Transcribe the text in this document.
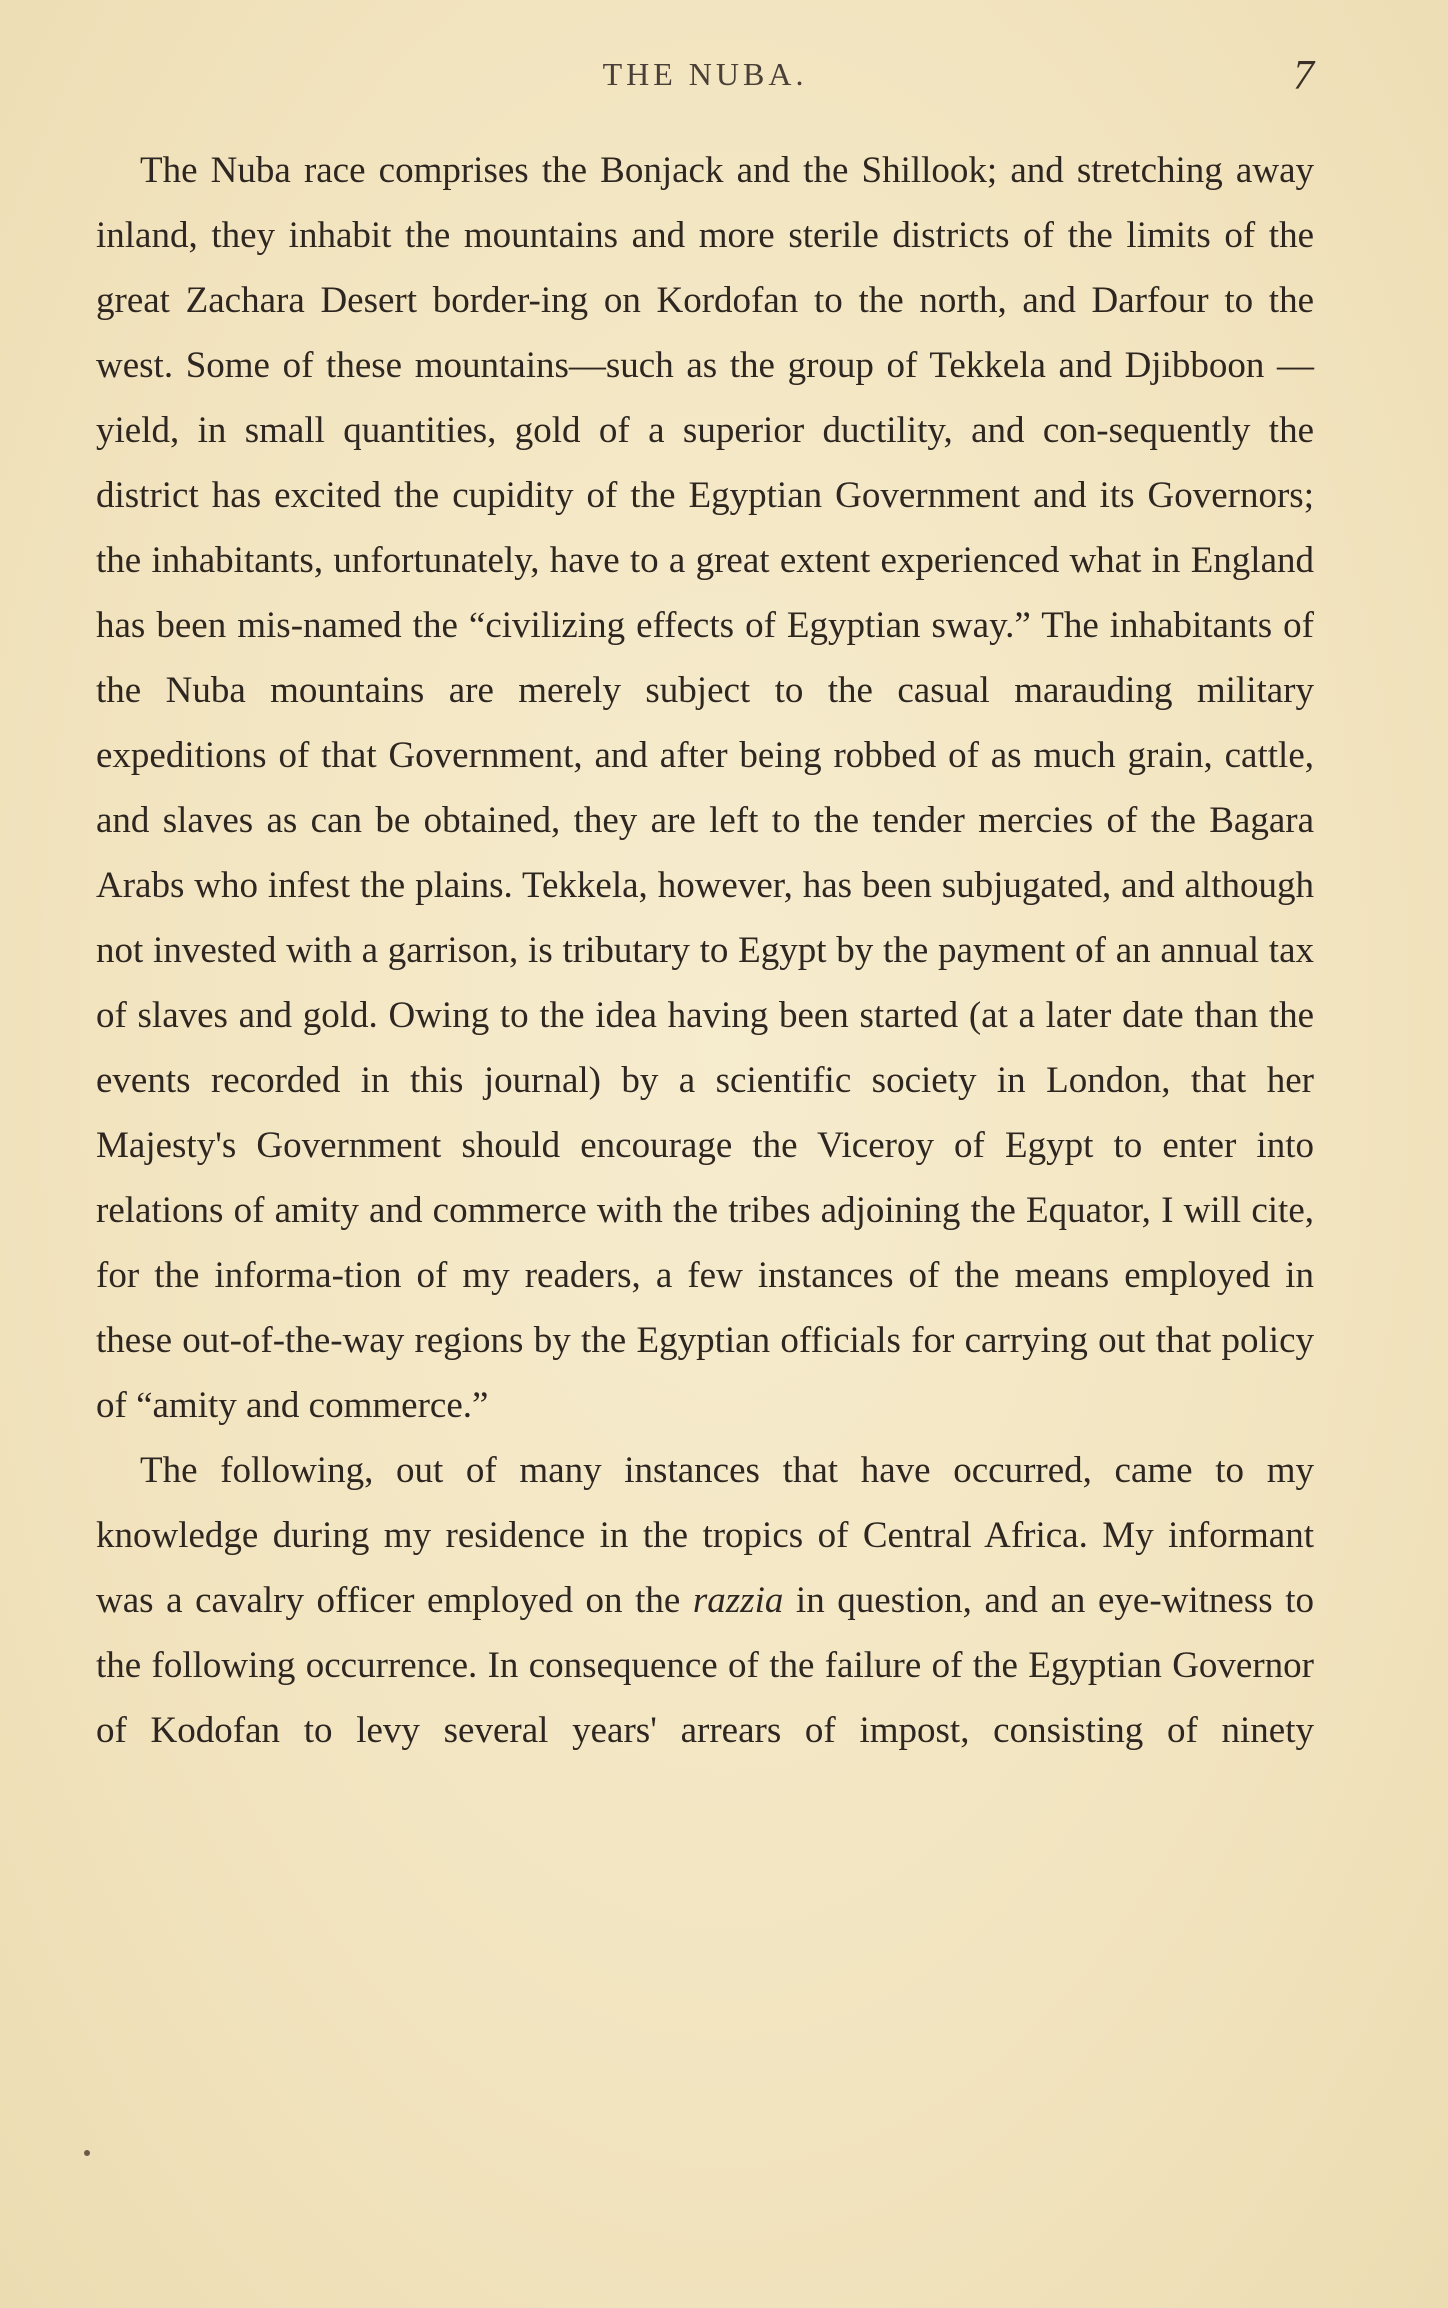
THE NUBA.	7

The Nuba race comprises the Bonjack and the Shillook; and stretching away inland, they inhabit the mountains and more sterile districts of the limits of the great Zachara Desert border-ing on Kordofan to the north, and Darfour to the west. Some of these mountains—such as the group of Tekkela and Djibboon —yield, in small quantities, gold of a superior ductility, and con-sequently the district has excited the cupidity of the Egyptian Government and its Governors; the inhabitants, unfortunately, have to a great extent experienced what in England has been mis-named the “civilizing effects of Egyptian sway.” The inhabitants of the Nuba mountains are merely subject to the casual marauding military expeditions of that Government, and after being robbed of as much grain, cattle, and slaves as can be obtained, they are left to the tender mercies of the Bagara Arabs who infest the plains. Tekkela, however, has been subjugated, and although not invested with a garrison, is tributary to Egypt by the payment of an annual tax of slaves and gold. Owing to the idea having been started (at a later date than the events recorded in this journal) by a scientific society in London, that her Majesty's Government should encourage the Viceroy of Egypt to enter into relations of amity and commerce with the tribes adjoining the Equator, I will cite, for the informa-tion of my readers, a few instances of the means employed in these out-of-the-way regions by the Egyptian officials for carrying out that policy of “amity and commerce.”

The following, out of many instances that have occurred, came to my knowledge during my residence in the tropics of Central Africa. My informant was a cavalry officer employed on the razzia in question, and an eye-witness to the following occurrence. In consequence of the failure of the Egyptian Governor of Kodofan to levy several years' arrears of impost, consisting of ninety
